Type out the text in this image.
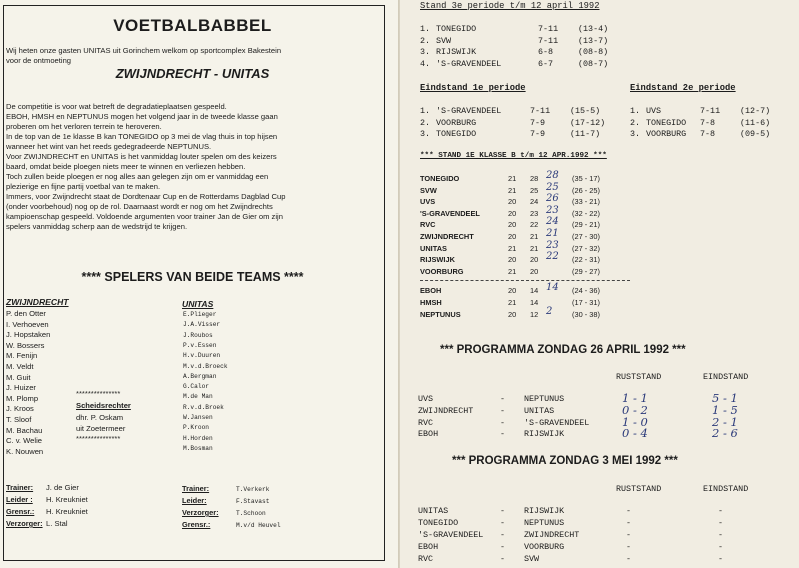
VOETBALBABBEL
Wij heten onze gasten UNITAS uit Gorinchem welkom op sportcomplex Bakestein
voor de ontmoeting
ZWIJNDRECHT - UNITAS
De competitie is voor wat betreft de degradatieplaatsen gespeeld.
EBOH, HMSH en NEPTUNUS mogen het volgend jaar in de tweede klasse gaan
proberen om het verloren terrein te heroveren.
In de top van de 1e klasse B kan TONEGIDO op 3 mei de vlag thuis in top hijsen
wanneer het wint van het reeds gedegradeerde NEPTUNUS.
Voor ZWIJNDRECHT en UNITAS is het vanmiddag louter spelen om des keizers
baard, omdat beide ploegen niets meer te winnen en verliezen hebben.
Toch zullen beide ploegen er nog alles aan gelegen zijn om er vanmiddag een
plezierige en fijne partij voetbal van te maken.
Immers, voor Zwijndrecht staat de Dordtenaar Cup en de Rotterdams Dagblad Cup
(onder voorbehoud) nog op de rol. Daarnaast wordt er nog om het Zwijndrechts
kampioenschap gespeeld. Voldoende argumenten voor trainer Jan de Gier om zijn
spelers vanmiddag scherp aan de wedstrijd te krijgen.
**** SPELERS VAN BEIDE TEAMS ****
ZWIJNDRECHT
P. den Otter
I. Verhoeven
J. Hopstaken
W. Bossers
M. Fenijn
M. Veldt
M. Guit
J. Huizer
M. Plomp
J. Kroos
T. Sloof
M. Bachau
C. v. Welie
K. Nouwen
UNITAS
E.Plieger
J.A.Visser
J.Roubos
P.v.Essen
H.v.Duuren
M.v.d.Broeck
A.Bergman
G.Calor
M.de Man
R.v.d.Broek
W.Jansen
P.Kroon
H.Horden
M.Bosman
***************
Scheidsrechter
dhr. P. Oskam
uit Zoetermeer
***************
Trainer: J. de Gier
Leider : H. Kreukniet
Grensr.: H. Kreukniet
Verzorger: L. Stal
Trainer:	T.Verkerk
Leider:	F.Stavast
Verzorger:	T.Schoon
Grensr.:	M.v/d Heuvel
Stand 3e periode t/m 12 april 1992
1. TONEGIDO	7-11 (13-4)
2. SVW	7-11 (13-7)
3. RIJSWIJK	6-8	(08-8)
4. 'S-GRAVENDEEL	6-7	(08-7)
Eindstand 1e periode
1. 'S-GRAVENDEEL	7-11 (15-5)
2. VOORBURG	7-9	(17-12)
3. TONEGIDO	7-9	(11-7)
Eindstand 2e periode
1. UVS	7-11 (12-7)
2. TONEGIDO 7-8	(11-6)
3. VOORBURG 7-8	(09-5)
*** STAND 1E KLASSE B t/m 12 APR.1992 ***
TONEGIDO	21 28 28 (35 - 17)
SVW	21 25 25 (26 - 25)
UVS	20 24 26 (33 - 21)
'S-GRAVENDEEL	20 23 23 (32 - 22)
RVC	20 22 24 (29 - 21)
ZWIJNDRECHT	20 21 21 (27 - 30)
UNITAS	21 21 23 (27 - 32)
RIJSWIJK	20 20 22 (22 - 31)
VOORBURG	21 20	(29 - 27)
EBOH	20 14 14 (24 - 36)
HMSH	21 14	(17 - 31)
NEPTUNUS	20 12 2	(30 - 38)
*** PROGRAMMA ZONDAG 26 APRIL 1992 ***
RUSTSTAND	EINDSTAND
UVS	- NEPTUNUS	1 - 1	5 - 1
ZWIJNDRECHT	- UNITAS	0 - 2	1 - 5
RVC	- 'S-GRAVENDEEL	1 - 0	2 - 1
EBOH	- RIJSWIJK	0 - 4	2 - 6
*** PROGRAMMA ZONDAG 3 MEI 1992 ***
RUSTSTAND	EINDSTAND
UNITAS	- RIJSWIJK	-	-
TONEGIDO	- NEPTUNUS	-	-
'S-GRAVENDEEL - ZWIJNDRECHT	-	-
EBOH	- VOORBURG	-	-
RVC	- SVW	-	-
